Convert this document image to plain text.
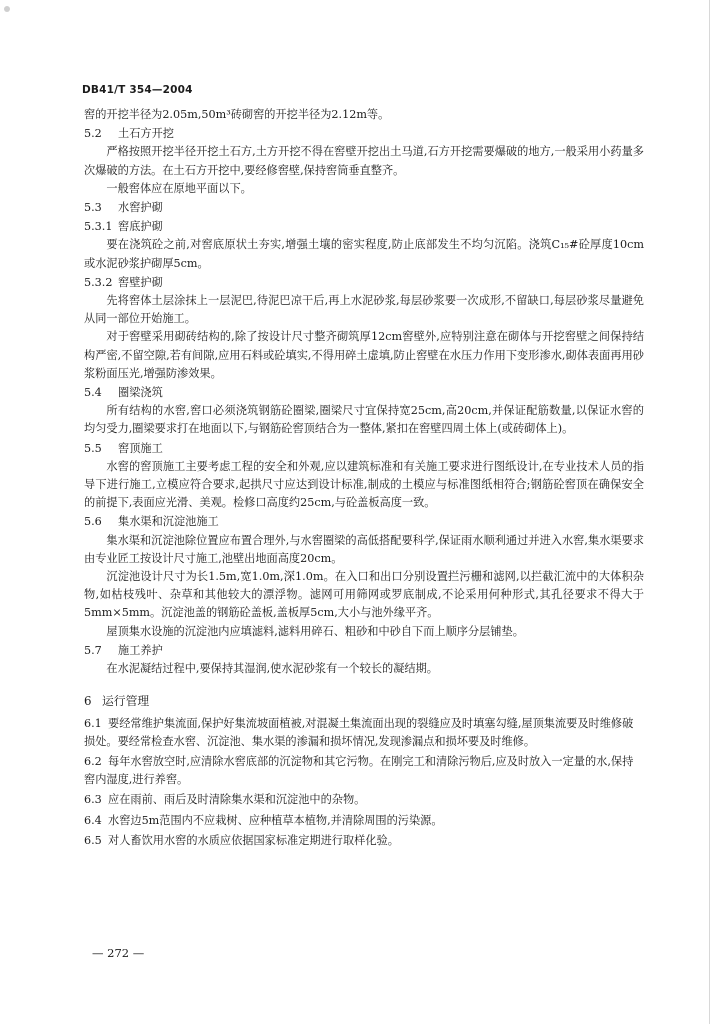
DB41/T 354—2004

窖的开挖半径为2.05m,50m³砖砌窖的开挖半径为2.12m等。

5.2 土石方开挖

严格按照开挖半径开挖土石方,土方开挖不得在窖壁开挖出土马道,石方开挖需要爆破的地方,一般采用小药量多次爆破的方法。在土石方开挖中,要经修窖壁,保持窖筒垂直整齐。

一般窖体应在原地平面以下。

5.3 水窖护砌

5.3.1 窖底护砌

要在浇筑砼之前,对窖底原状土夯实,增强土壤的密实程度,防止底部发生不均匀沉陷。浇筑C₁₅#砼厚度10cm或水泥砂浆护砌厚5cm。

5.3.2 窖壁护砌

先将窖体土层涂抹上一层泥巴,待泥巴凉干后,再上水泥砂浆,每层砂浆要一次成形,不留缺口,每层砂浆尽量避免从同一部位开始施工。

对于窖壁采用砌砖结构的,除了按设计尺寸整齐砌筑厚12cm窖壁外,应特别注意在砌体与开挖窖壁之间保持结构严密,不留空隙,若有间隙,应用石料或砼填实,不得用碎土虚填,防止窖壁在水压力作用下变形渗水,砌体表面再用砂浆粉面压光,增强防渗效果。

5.4 圈梁浇筑

所有结构的水窖,窖口必须浇筑钢筋砼圈梁,圈梁尺寸宜保持宽25cm,高20cm,并保证配筋数量,以保证水窖的均匀受力,圈梁要求打在地面以下,与钢筋砼窖顶结合为一整体,紧扣在窖壁四周土体上(或砖砌体上)。

5.5 窖顶施工

水窖的窖顶施工主要考虑工程的安全和外观,应以建筑标准和有关施工要求进行图纸设计,在专业技术人员的指导下进行施工,立模应符合要求,起拱尺寸应达到设计标准,制成的土模应与标准图纸相符合;钢筋砼窖顶在确保安全的前提下,表面应光滑、美观。检修口高度约25cm,与砼盖板高度一致。

5.6 集水渠和沉淀池施工

集水渠和沉淀池除位置应布置合理外,与水窖圈梁的高低搭配要科学,保证雨水顺利通过并进入水窖,集水渠要求由专业匠工按设计尺寸施工,池壁出地面高度20cm。

沉淀池设计尺寸为长1.5m,宽1.0m,深1.0m。在入口和出口分别设置拦污栅和滤网,以拦截汇流中的大体积杂物,如枯枝残叶、杂草和其他较大的漂浮物。滤网可用筛网或罗底制成,不论采用何种形式,其孔径要求不得大于5mm×5mm。沉淀池盖的钢筋砼盖板,盖板厚5cm,大小与池外缘平齐。

屋顶集水设施的沉淀池内应填滤料,滤料用碎石、粗砂和中砂自下而上顺序分层铺垫。

5.7 施工养护

在水泥凝结过程中,要保持其湿润,使水泥砂浆有一个较长的凝结期。

6 运行管理

6.1 要经常维护集流面,保护好集流坡面植被,对混凝土集流面出现的裂缝应及时填塞勾缝,屋顶集流要及时维修破损处。要经常检查水窖、沉淀池、集水渠的渗漏和损坏情况,发现渗漏点和损坏要及时维修。

6.2 每年水窖放空时,应清除水窖底部的沉淀物和其它污物。在刚完工和清除污物后,应及时放入一定量的水,保持窖内湿度,进行养窖。

6.3 应在雨前、雨后及时清除集水渠和沉淀池中的杂物。

6.4 水窖边5m范围内不应栽树、应种植草本植物,并清除周围的污染源。

6.5 对人畜饮用水窖的水质应依据国家标准定期进行取样化验。

— 272 —
